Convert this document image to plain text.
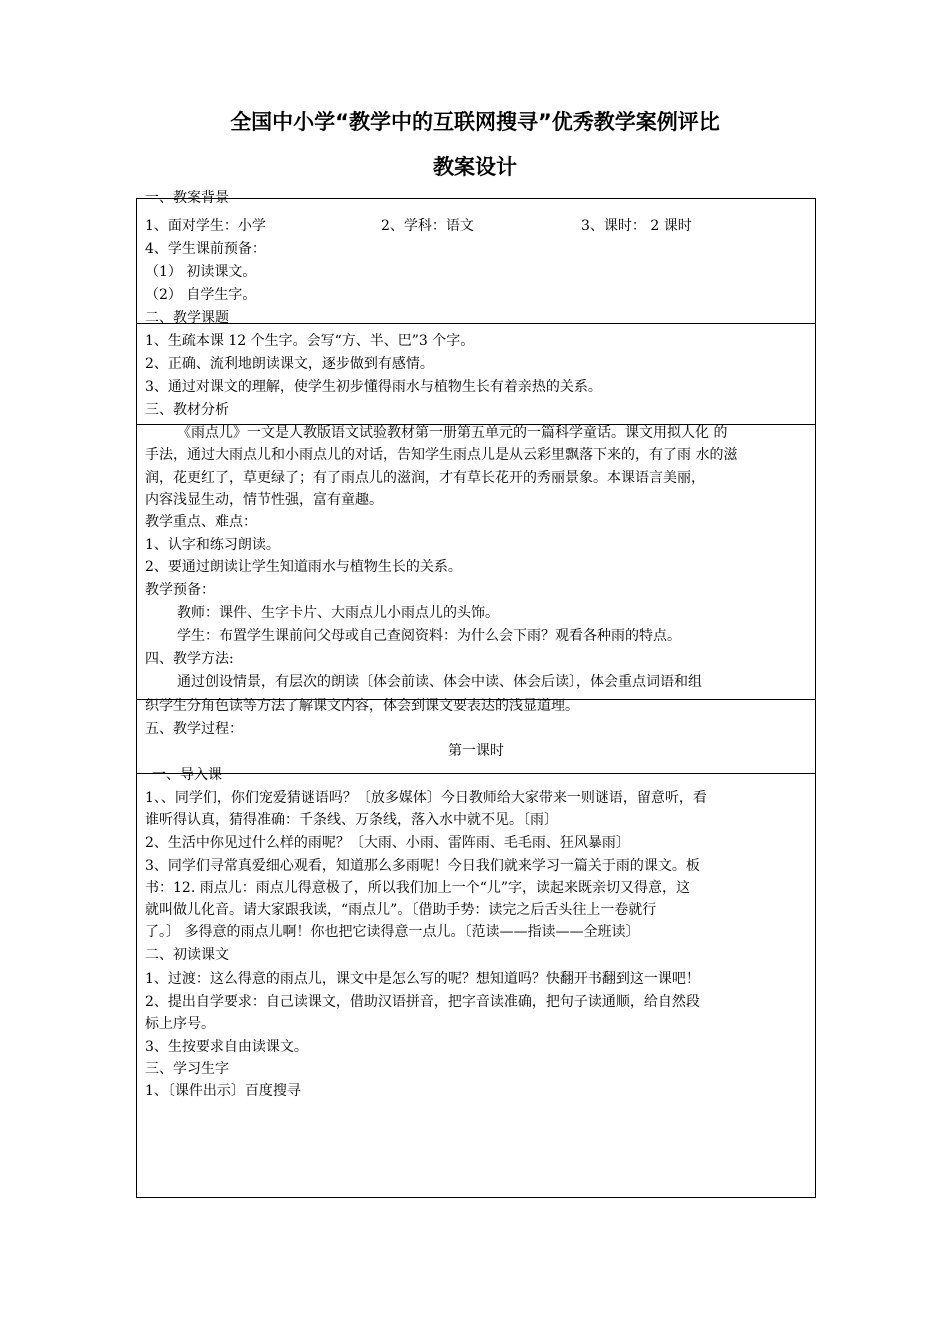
全国中小学“教学中的互联网搜寻”优秀教学案例评比
教案设计
一、教案背景
1、面对学生：小学	2、学科：语文	3、课时： 2 课时
4、学生课前预备：
（1） 初读课文。
（2） 自学生字。
二、教学课题
1、生疏本课 12 个生字。会写“方、半、巴”3 个字。
2、正确、流利地朗读课文，逐步做到有感情。
3、通过对课文的理解，使学生初步懂得雨水与植物生长有着亲热的关系。
三、教材分析
《雨点儿》一文是人教版语文试验教材第一册第五单元的一篇科学童话。课文用拟人化 的
手法，通过大雨点儿和小雨点儿的对话，告知学生雨点儿是从云彩里飘落下来的，有了雨 水的滋
润，花更红了，草更绿了；有了雨点儿的滋润，才有草长花开的秀丽景象。本课语言美丽，
内容浅显生动，情节性强，富有童趣。
教学重点、难点：
1、认字和练习朗读。
2、要通过朗读让学生知道雨水与植物生长的关系。
教学预备：
教师：课件、生字卡片、大雨点儿小雨点儿的头饰。
学生：布置学生课前问父母或自己查阅资料：为什么会下雨？观看各种雨的特点。
四、教学方法:
通过创设情景，有层次的朗读〔体会前读、体会中读、体会后读〕，体会重点词语和组
织学生分角色读等方法了解课文内容，体会到课文要表达的浅显道理。
五、教学过程：
第一课时
一、导入课
1、、同学们，你们宠爱猜谜语吗？〔放多媒体〕今日教师给大家带来一则谜语，留意听，看
谁听得认真，猜得准确：千条线、万条线，落入水中就不见。〔雨〕
2、生活中你见过什么样的雨呢？〔大雨、小雨、雷阵雨、毛毛雨、狂风暴雨〕
3、同学们寻常真爱细心观看，知道那么多雨呢！今日我们就来学习一篇关于雨的课文。板
书：12. 雨点儿：雨点儿得意极了，所以我们加上一个“儿”字，读起来既亲切又得意，这
就叫做儿化音。请大家跟我读，“雨点儿”。〔借助手势：读完之后舌头往上一卷就行
了。〕 多得意的雨点儿啊！你也把它读得意一点儿。〔范读——指读——全班读〕
二、初读课文
1、过渡：这么得意的雨点儿，课文中是怎么写的呢？想知道吗？快翻开书翻到这一课吧！
2、提出自学要求：自己读课文，借助汉语拼音，把字音读准确，把句子读通顺，给自然段
标上序号。
3、生按要求自由读课文。
三、学习生字
1、〔课件出示〕百度搜寻
